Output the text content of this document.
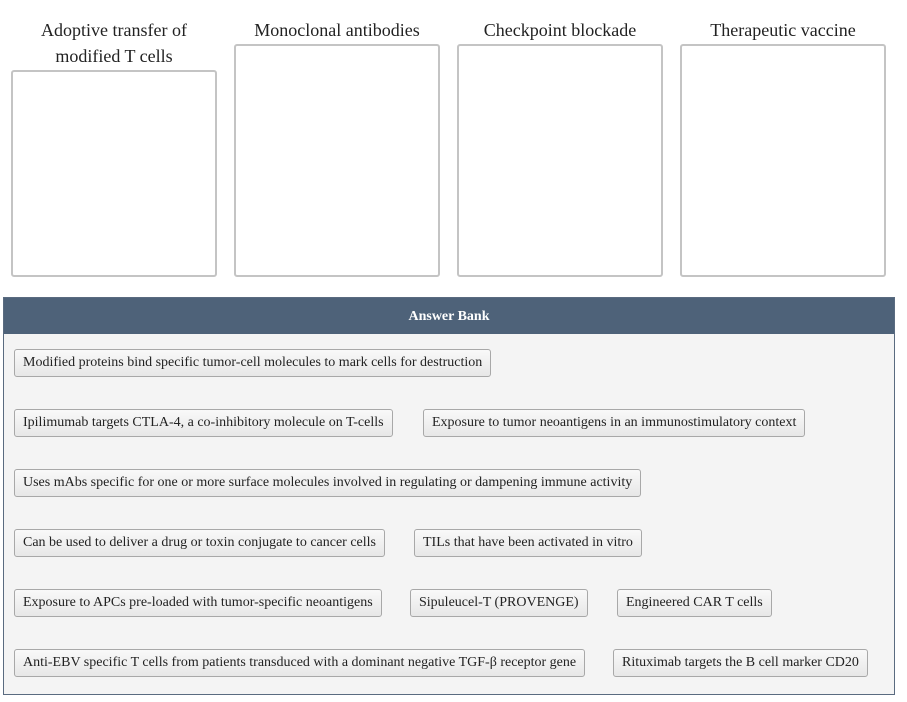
Adoptive transfer of
modified T cells
Monoclonal antibodies	Checkpoint blockade	Therapeutic vaccine
Answer Bank
Modified proteins bind specific tumor-cell molecules to mark cells for destruction
Ipilimumab targets CTLA-4, a co-inhibitory molecule on T-cells	Exposure to tumor neoantigens in an immunostimulatory context
Uses mAbs specific for one or more surface molecules involved in regulating or dampening immune activity
Can be used to deliver a drug or toxin conjugate to cancer cells	TILs that have been activated in vitro
Exposure to APCs pre-loaded with tumor-specific neoantigens	Sipuleucel-T (PROVENGE)	Engineered CAR T cells
Anti-EBV specific T cells from patients transduced with a dominant negative TGF-β receptor gene	Rituximab targets the B cell marker CD20
